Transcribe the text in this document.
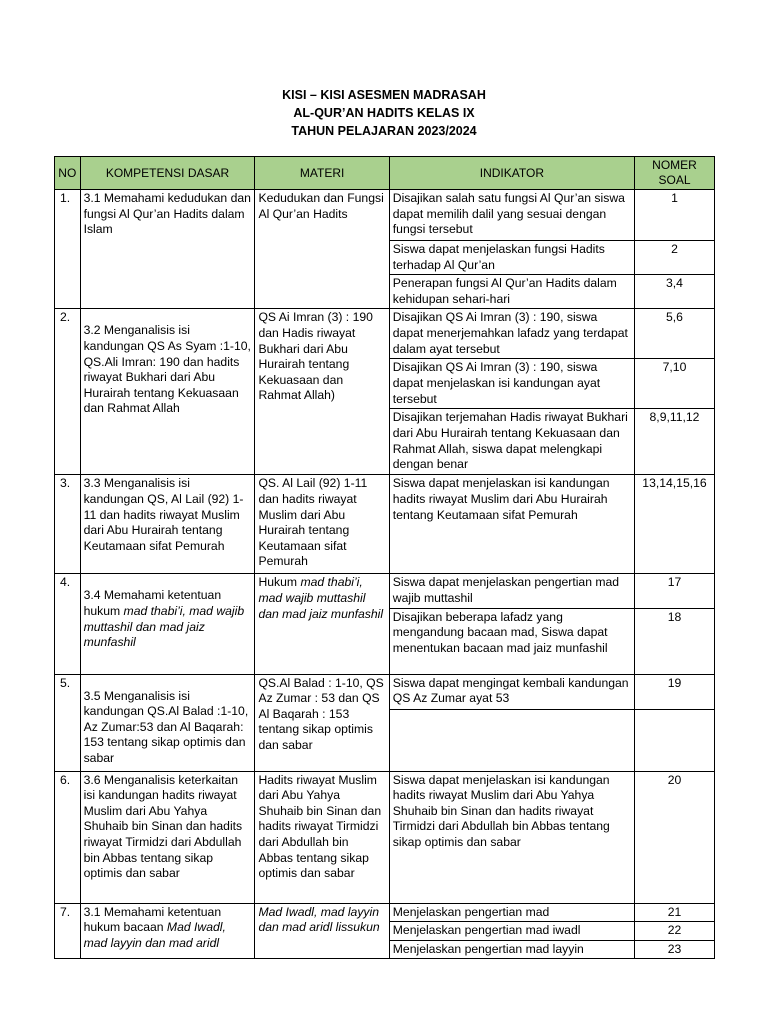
KISI – KISI ASESMEN MADRASAH
AL-QUR’AN HADITS KELAS IX
TAHUN PELAJARAN 2023/2024
NO	KOMPETENSI DASAR	MATERI	INDIKATOR	NOMER SOAL
1.	3.1 Memahami kedudukan dan fungsi Al Qur’an Hadits dalam Islam	Kedudukan dan Fungsi Al Qur’an Hadits	Disajikan salah satu fungsi Al Qur’an siswa dapat memilih dalil yang sesuai dengan fungsi tersebut	1
			Siswa dapat menjelaskan fungsi Hadits terhadap Al Qur’an	2
			Penerapan fungsi Al Qur’an Hadits dalam kehidupan sehari-hari	3,4
2.	3.2 Menganalisis isi kandungan QS As Syam :1-10, QS.Ali Imran: 190 dan hadits riwayat Bukhari dari Abu Hurairah tentang Kekuasaan dan Rahmat Allah	QS Ai Imran (3) : 190 dan Hadis riwayat Bukhari dari Abu Hurairah tentang Kekuasaan dan Rahmat Allah)	Disajikan QS Ai Imran (3) : 190, siswa dapat menerjemahkan lafadz yang terdapat dalam ayat tersebut	5,6
			Disajikan QS Ai Imran (3) : 190, siswa dapat menjelaskan isi kandungan ayat tersebut	7,10
			Disajikan terjemahan Hadis riwayat Bukhari dari Abu Hurairah tentang Kekuasaan dan Rahmat Allah, siswa dapat melengkapi dengan benar	8,9,11,12
3.	3.3 Menganalisis isi kandungan QS, Al Lail (92) 1-11 dan hadits riwayat Muslim dari Abu Hurairah tentang Keutamaan sifat Pemurah	QS. Al Lail (92) 1-11 dan hadits riwayat Muslim dari Abu Hurairah tentang Keutamaan sifat Pemurah	Siswa dapat menjelaskan isi kandungan hadits riwayat Muslim dari Abu Hurairah tentang Keutamaan sifat Pemurah	13,14,15,16
4.	3.4 Memahami ketentuan hukum mad thabi’i, mad wajib muttashil dan mad jaiz munfashil	Hukum mad thabi’i, mad wajib muttashil dan mad jaiz munfashil	Siswa dapat menjelaskan pengertian mad wajib muttashil	17
			Disajikan beberapa lafadz yang mengandung bacaan mad, Siswa dapat menentukan bacaan mad jaiz munfashil	18
5.	3.5 Menganalisis isi kandungan QS.Al Balad :1-10, Az Zumar:53 dan Al Baqarah: 153 tentang sikap optimis dan sabar	QS.Al Balad : 1-10, QS Az Zumar : 53 dan QS Al Baqarah : 153 tentang sikap optimis dan sabar	Siswa dapat mengingat kembali kandungan QS Az Zumar ayat 53	19

6.	3.6 Menganalisis keterkaitan isi kandungan hadits riwayat Muslim dari Abu Yahya Shuhaib bin Sinan dan hadits riwayat Tirmidzi dari Abdullah bin Abbas tentang sikap optimis dan sabar	Hadits riwayat Muslim dari Abu Yahya Shuhaib bin Sinan dan hadits riwayat Tirmidzi dari Abdullah bin Abbas tentang sikap optimis dan sabar	Siswa dapat menjelaskan isi kandungan hadits riwayat Muslim dari Abu Yahya Shuhaib bin Sinan dan hadits riwayat Tirmidzi dari Abdullah bin Abbas tentang sikap optimis dan sabar	20
7.	3.1 Memahami ketentuan hukum bacaan Mad Iwadl, mad layyin dan mad aridl	Mad Iwadl, mad layyin dan mad aridl lissukun	Menjelaskan pengertian mad	21
			Menjelaskan pengertian mad iwadl	22
			Menjelaskan pengertian mad layyin	23
